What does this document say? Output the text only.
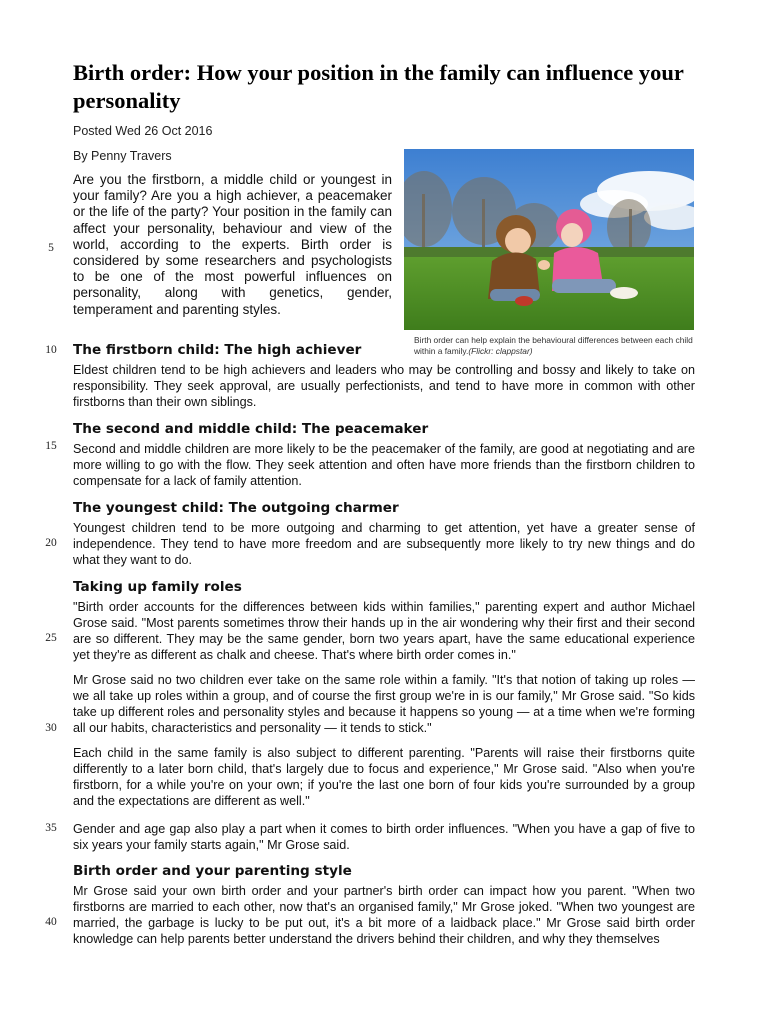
Birth order: How your position in the family can influence your personality

Posted Wed 26 Oct 2016

By Penny Travers

Are you the firstborn, a middle child or youngest in your family? Are you a high achiever, a peacemaker or the life of the party? Your position in the family can affect your personality, behaviour and view of the world, according to the experts. Birth order is considered by some researchers and psychologists to be one of the most powerful influences on personality, along with genetics, gender, temperament and parenting styles.

Birth order can help explain the behavioural differences between each child within a family.(Flickr: clappstar)

The firstborn child: The high achiever

Eldest children tend to be high achievers and leaders who may be controlling and bossy and likely to take on responsibility. They seek approval, are usually perfectionists, and tend to have more in common with other firstborns than their own siblings.

The second and middle child: The peacemaker

Second and middle children are more likely to be the peacemaker of the family, are good at negotiating and are more willing to go with the flow. They seek attention and often have more friends than the firstborn children to compensate for a lack of family attention.

The youngest child: The outgoing charmer

Youngest children tend to be more outgoing and charming to get attention, yet have a greater sense of independence. They tend to have more freedom and are subsequently more likely to try new things and do what they want to do.

Taking up family roles

"Birth order accounts for the differences between kids within families," parenting expert and author Michael Grose said. "Most parents sometimes throw their hands up in the air wondering why their first and their second are so different. They may be the same gender, born two years apart, have the same educational experience yet they're as different as chalk and cheese. That's where birth order comes in."

Mr Grose said no two children ever take on the same role within a family. "It's that notion of taking up roles — we all take up roles within a group, and of course the first group we're in is our family," Mr Grose said. "So kids take up different roles and personality styles and because it happens so young — at a time when we're forming all our habits, characteristics and personality — it tends to stick."

Each child in the same family is also subject to different parenting. "Parents will raise their firstborns quite differently to a later born child, that's largely due to focus and experience," Mr Grose said. "Also when you're firstborn, for a while you're on your own; if you're the last one born of four kids you're surrounded by a group and the expectations are different as well."

Gender and age gap also play a part when it comes to birth order influences. "When you have a gap of five to six years your family starts again," Mr Grose said.

Birth order and your parenting style

Mr Grose said your own birth order and your partner's birth order can impact how you parent. "When two firstborns are married to each other, now that's an organised family," Mr Grose joked. "When two youngest are married, the garbage is lucky to be put out, it's a bit more of a laidback place." Mr Grose said birth order knowledge can help parents better understand the drivers behind their children, and why they themselves

5
10
15
20
25
30
35
40
